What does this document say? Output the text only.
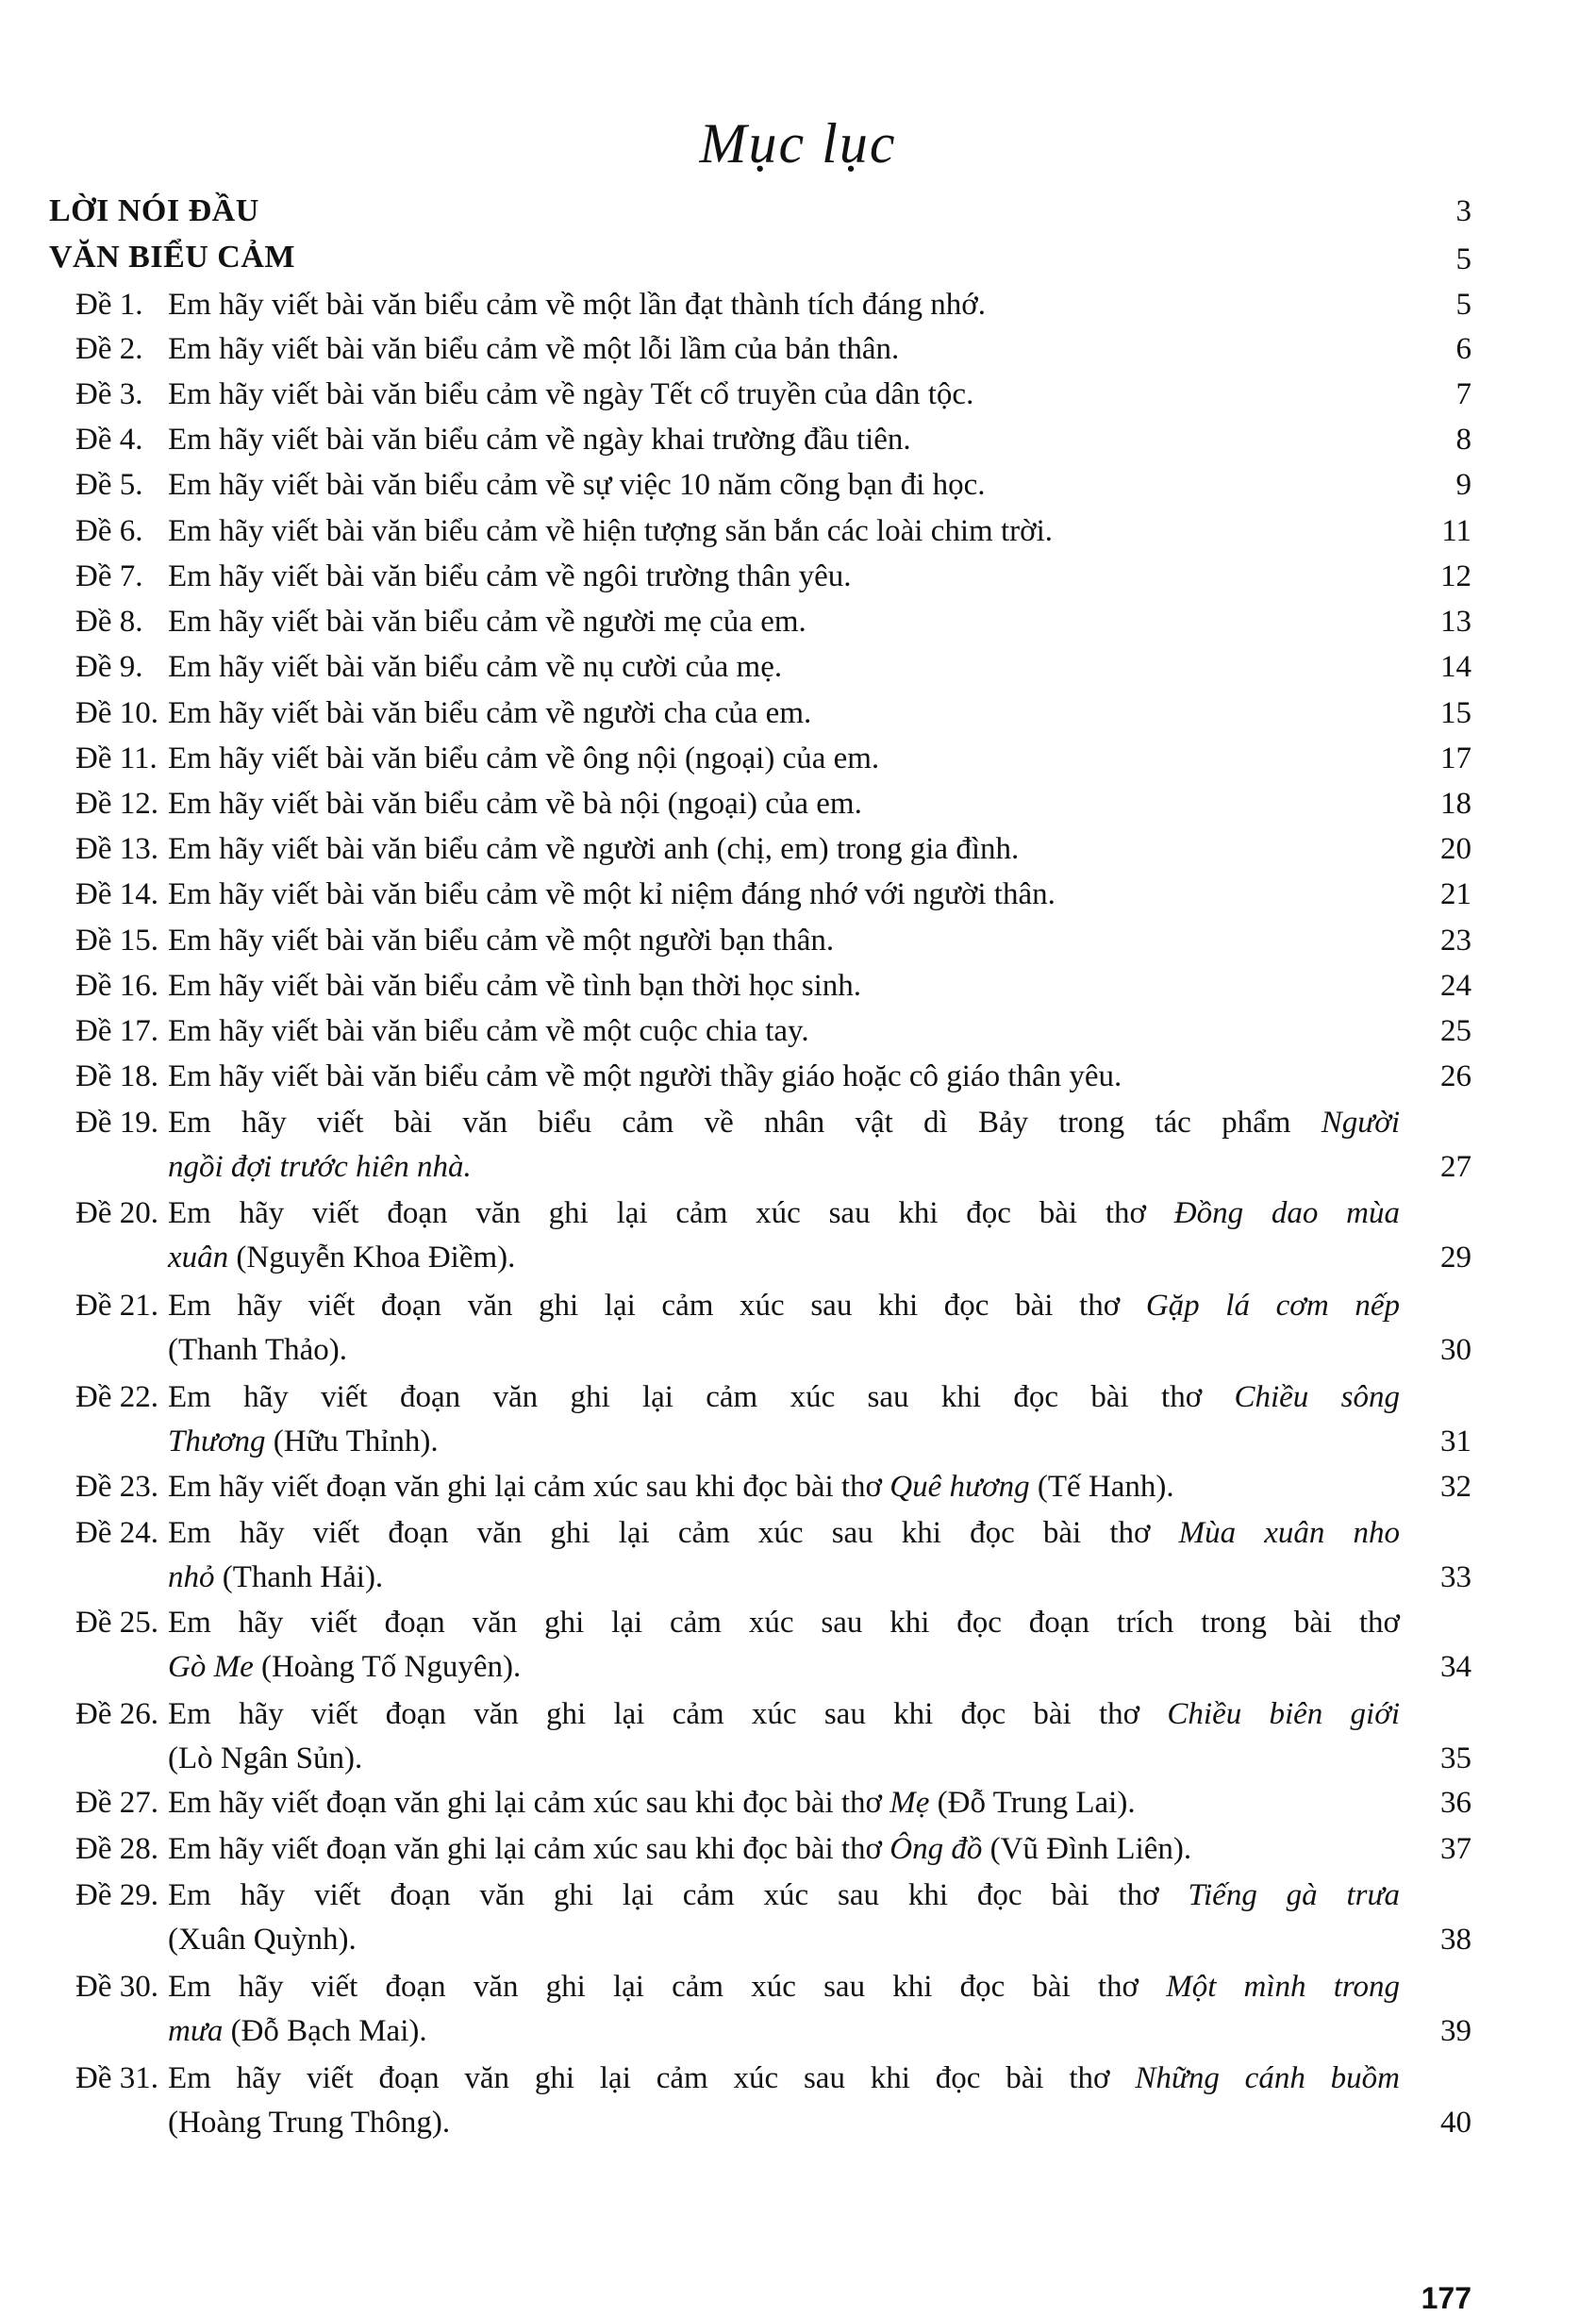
Mục lục
LỜI NÓI ĐẦU	3
VĂN BIỂU CẢM	5
Đề 1. Em hãy viết bài văn biểu cảm về một lần đạt thành tích đáng nhớ.	5
Đề 2. Em hãy viết bài văn biểu cảm về một lỗi lầm của bản thân.	6
Đề 3. Em hãy viết bài văn biểu cảm về ngày Tết cổ truyền của dân tộc.	7
Đề 4. Em hãy viết bài văn biểu cảm về ngày khai trường đầu tiên.	8
Đề 5. Em hãy viết bài văn biểu cảm về sự việc 10 năm cõng bạn đi học.	9
Đề 6. Em hãy viết bài văn biểu cảm về hiện tượng săn bắn các loài chim trời.	11
Đề 7. Em hãy viết bài văn biểu cảm về ngôi trường thân yêu.	12
Đề 8. Em hãy viết bài văn biểu cảm về người mẹ của em.	13
Đề 9. Em hãy viết bài văn biểu cảm về nụ cười của mẹ.	14
Đề 10. Em hãy viết bài văn biểu cảm về người cha của em.	15
Đề 11. Em hãy viết bài văn biểu cảm về ông nội (ngoại) của em.	17
Đề 12. Em hãy viết bài văn biểu cảm về bà nội (ngoại) của em.	18
Đề 13. Em hãy viết bài văn biểu cảm về người anh (chị, em) trong gia đình.	20
Đề 14. Em hãy viết bài văn biểu cảm về một kỉ niệm đáng nhớ với người thân.	21
Đề 15. Em hãy viết bài văn biểu cảm về một người bạn thân.	23
Đề 16. Em hãy viết bài văn biểu cảm về tình bạn thời học sinh.	24
Đề 17. Em hãy viết bài văn biểu cảm về một cuộc chia tay.	25
Đề 18. Em hãy viết bài văn biểu cảm về một người thầy giáo hoặc cô giáo thân yêu.	26
Đề 19. Em hãy viết bài văn biểu cảm về nhân vật dì Bảy trong tác phẩm Người
ngồi đợi trước hiên nhà.	27
Đề 20. Em hãy viết đoạn văn ghi lại cảm xúc sau khi đọc bài thơ Đồng dao mùa
xuân (Nguyễn Khoa Điềm).	29
Đề 21. Em hãy viết đoạn văn ghi lại cảm xúc sau khi đọc bài thơ Gặp lá cơm nếp
(Thanh Thảo).	30
Đề 22. Em hãy viết đoạn văn ghi lại cảm xúc sau khi đọc bài thơ Chiều sông
Thương (Hữu Thỉnh).	31
Đề 23. Em hãy viết đoạn văn ghi lại cảm xúc sau khi đọc bài thơ Quê hương (Tế Hanh).	32
Đề 24. Em hãy viết đoạn văn ghi lại cảm xúc sau khi đọc bài thơ Mùa xuân nho
nhỏ (Thanh Hải).	33
Đề 25. Em hãy viết đoạn văn ghi lại cảm xúc sau khi đọc đoạn trích trong bài thơ
Gò Me (Hoàng Tố Nguyên).	34
Đề 26. Em hãy viết đoạn văn ghi lại cảm xúc sau khi đọc bài thơ Chiều biên giới
(Lò Ngân Sủn).	35
Đề 27. Em hãy viết đoạn văn ghi lại cảm xúc sau khi đọc bài thơ Mẹ (Đỗ Trung Lai).	36
Đề 28. Em hãy viết đoạn văn ghi lại cảm xúc sau khi đọc bài thơ Ông đồ (Vũ Đình Liên).	37
Đề 29. Em hãy viết đoạn văn ghi lại cảm xúc sau khi đọc bài thơ Tiếng gà trưa
(Xuân Quỳnh).	38
Đề 30. Em hãy viết đoạn văn ghi lại cảm xúc sau khi đọc bài thơ Một mình trong
mưa (Đỗ Bạch Mai).	39
Đề 31. Em hãy viết đoạn văn ghi lại cảm xúc sau khi đọc bài thơ Những cánh buồm
(Hoàng Trung Thông).	40
177
